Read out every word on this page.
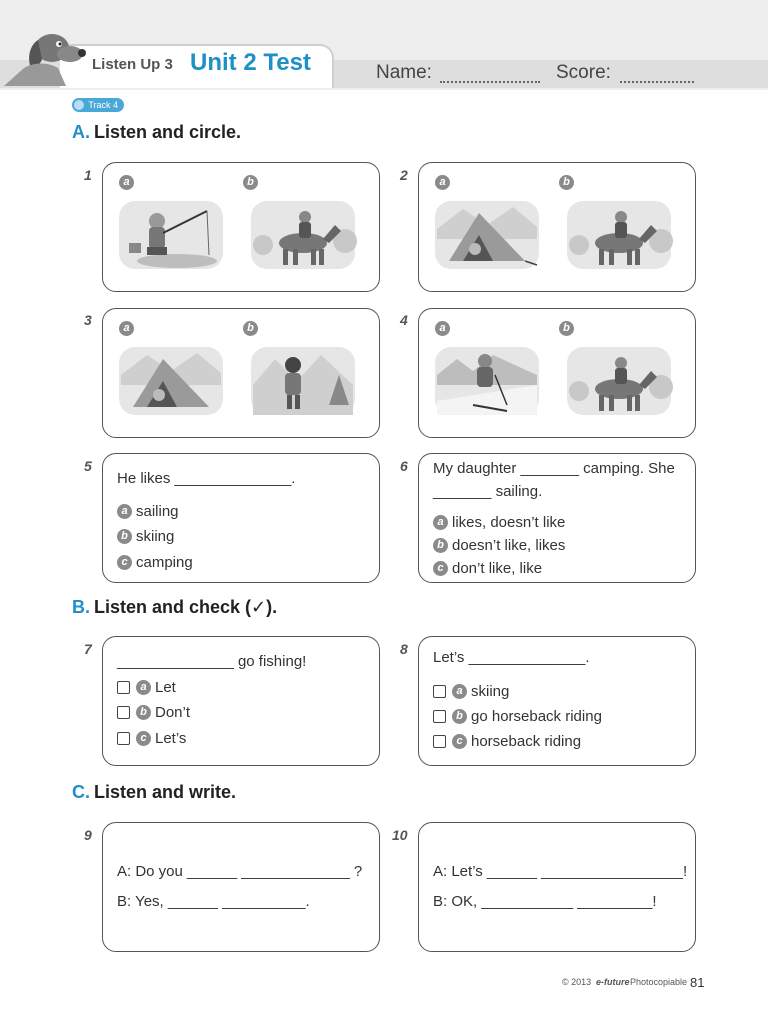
Listen Up 3 Unit 2 Test	Name:	Score:
Track 4
A. Listen and circle.
1	a	b	2	a	b
3	a	b	4	a	b
5
He likes ______________.
a sailing
b skiing
c camping
6 My daughter _______ camping. She
_______ sailing.
a likes, doesn’t like
b doesn’t like, likes
c don’t like, like
B. Listen and check (✓).
7
______________ go fishing!
a Let
b Don’t
c Let’s
8 Let’s ______________.
a skiing
b go horseback riding
c horseback riding
C. Listen and write.
9
A: Do you ______ _____________ ?
B: Yes, ______ __________.
10
A: Let’s ______ _________________!
B: OK, ___________ _________!
© 2013 e-future Photocopiable 81
